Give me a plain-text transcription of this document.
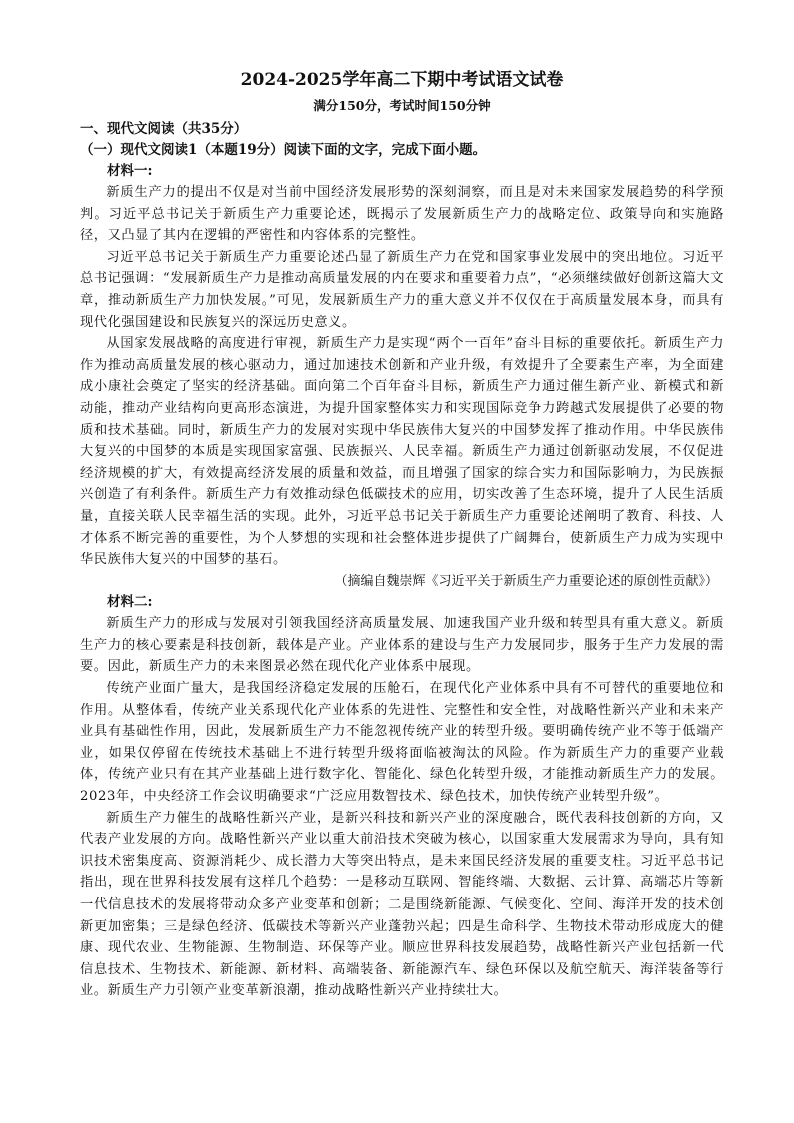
2024-2025学年高二下期中考试语文试卷
满分150分，考试时间150分钟
一、现代文阅读（共35分）
（一）现代文阅读1（本题19分）阅读下面的文字，完成下面小题。
材料一:

新质生产力的提出不仅是对当前中国经济发展形势的深刻洞察，而且是对未来国家发展趋势的科学预判。习近平总书记关于新质生产力重要论述，既揭示了发展新质生产力的战略定位、政策导向和实施路径，又凸显了其内在逻辑的严密性和内容体系的完整性。

习近平总书记关于新质生产力重要论述凸显了新质生产力在党和国家事业发展中的突出地位。习近平总书记强调：“发展新质生产力是推动高质量发展的内在要求和重要着力点”，“必须继续做好创新这篇大文章，推动新质生产力加快发展。”可见，发展新质生产力的重大意义并不仅仅在于高质量发展本身，而具有现代化强国建设和民族复兴的深远历史意义。

从国家发展战略的高度进行审视，新质生产力是实现“两个一百年”奋斗目标的重要依托。新质生产力作为推动高质量发展的核心驱动力，通过加速技术创新和产业升级，有效提升了全要素生产率，为全面建成小康社会奠定了坚实的经济基础。面向第二个百年奋斗目标，新质生产力通过催生新产业、新模式和新动能，推动产业结构向更高形态演进，为提升国家整体实力和实现国际竞争力跨越式发展提供了必要的物质和技术基础。同时，新质生产力的发展对实现中华民族伟大复兴的中国梦发挥了推动作用。中华民族伟大复兴的中国梦的本质是实现国家富强、民族振兴、人民幸福。新质生产力通过创新驱动发展，不仅促进经济规模的扩大，有效提高经济发展的质量和效益，而且增强了国家的综合实力和国际影响力，为民族振兴创造了有利条件。新质生产力有效推动绿色低碳技术的应用，切实改善了生态环境，提升了人民生活质量，直接关联人民幸福生活的实现。此外，习近平总书记关于新质生产力重要论述阐明了教育、科技、人才体系不断完善的重要性，为个人梦想的实现和社会整体进步提供了广阔舞台，使新质生产力成为实现中华民族伟大复兴的中国梦的基石。

（摘编自魏崇辉《习近平关于新质生产力重要论述的原创性贡献》）

材料二:

新质生产力的形成与发展对引领我国经济高质量发展、加速我国产业升级和转型具有重大意义。新质生产力的核心要素是科技创新，载体是产业。产业体系的建设与生产力发展同步，服务于生产力发展的需要。因此，新质生产力的未来图景必然在现代化产业体系中展现。

传统产业面广量大，是我国经济稳定发展的压舱石，在现代化产业体系中具有不可替代的重要地位和作用。从整体看，传统产业关系现代化产业体系的先进性、完整性和安全性，对战略性新兴产业和未来产业具有基础性作用，因此，发展新质生产力不能忽视传统产业的转型升级。要明确传统产业不等于低端产业，如果仅停留在传统技术基础上不进行转型升级将面临被淘汰的风险。作为新质生产力的重要产业载体，传统产业只有在其产业基础上进行数字化、智能化、绿色化转型升级，才能推动新质生产力的发展。2023年，中央经济工作会议明确要求“广泛应用数智技术、绿色技术，加快传统产业转型升级”。

新质生产力催生的战略性新兴产业，是新兴科技和新兴产业的深度融合，既代表科技创新的方向，又代表产业发展的方向。战略性新兴产业以重大前沿技术突破为核心，以国家重大发展需求为导向，具有知识技术密集度高、资源消耗少、成长潜力大等突出特点，是未来国民经济发展的重要支柱。习近平总书记指出，现在世界科技发展有这样几个趋势：一是移动互联网、智能终端、大数据、云计算、高端芯片等新一代信息技术的发展将带动众多产业变革和创新；二是围绕新能源、气候变化、空间、海洋开发的技术创新更加密集；三是绿色经济、低碳技术等新兴产业蓬勃兴起；四是生命科学、生物技术带动形成庞大的健康、现代农业、生物能源、生物制造、环保等产业。顺应世界科技发展趋势，战略性新兴产业包括新一代信息技术、生物技术、新能源、新材料、高端装备、新能源汽车、绿色环保以及航空航天、海洋装备等行业。新质生产力引领产业变革新浪潮，推动战略性新兴产业持续壮大。
